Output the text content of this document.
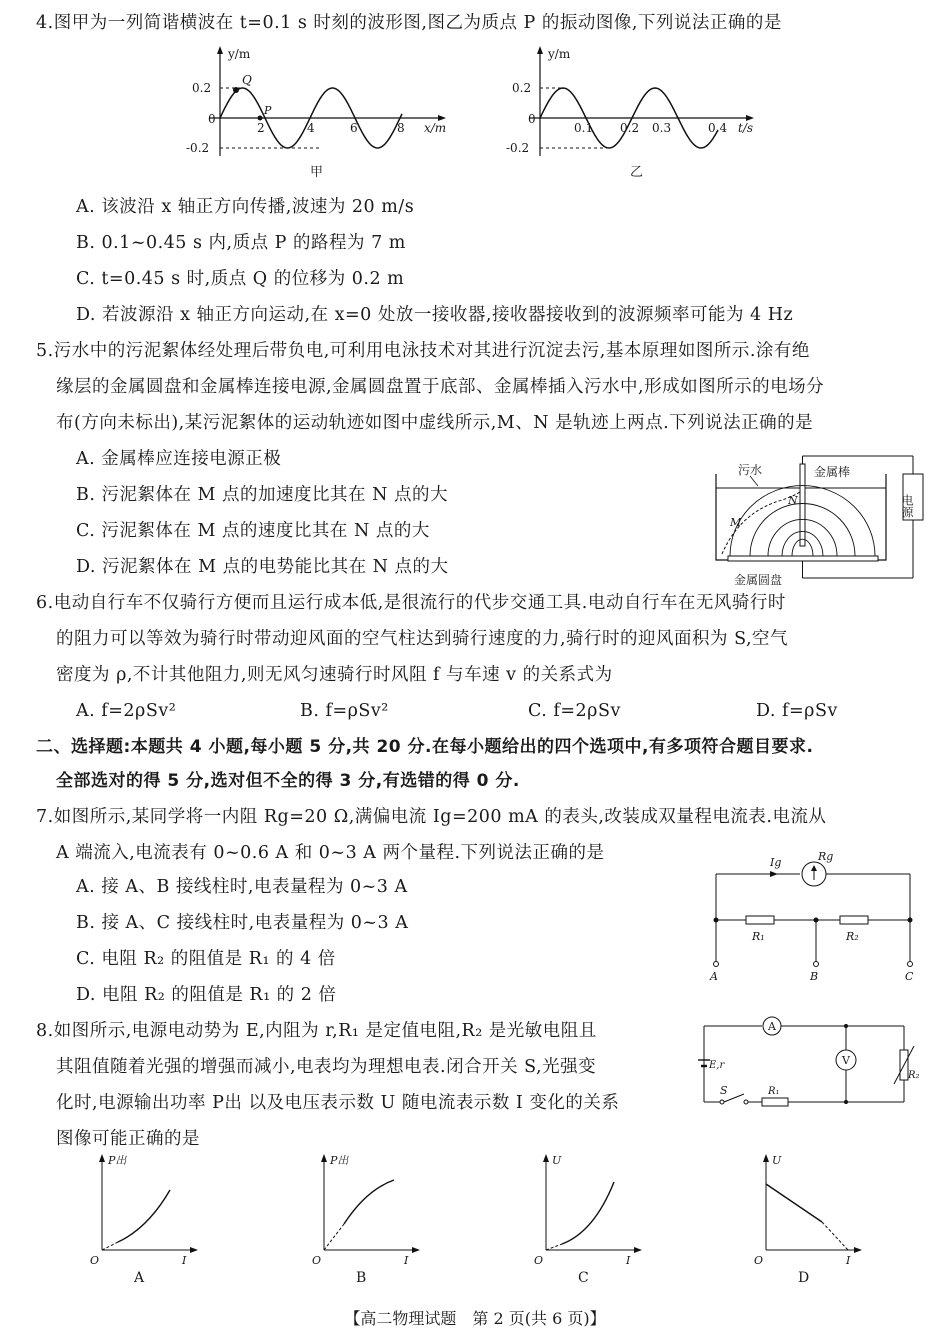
4.图甲为一列简谐横波在 t=0.1 s 时刻的波形图,图乙为质点 P 的振动图像,下列说法正确的是
y/m
0.2
0
-0.2
Q
P
2	4	6	8 x/m
甲
y/m
0.2
0
-0.2
0.1 0.2 0.3	0.4 t/s
乙
A. 该波沿 x 轴正方向传播,波速为 20 m/s
B. 0.1~0.45 s 内,质点 P 的路程为 7 m
C. t=0.45 s 时,质点 Q 的位移为 0.2 m
D. 若波源沿 x 轴正方向运动,在 x=0 处放一接收器,接收器接收到的波源频率可能为 4 Hz
5.污水中的污泥絮体经处理后带负电,可利用电泳技术对其进行沉淀去污,基本原理如图所示.涂有绝
缘层的金属圆盘和金属棒连接电源,金属圆盘置于底部、金属棒插入污水中,形成如图所示的电场分
布(方向未标出),某污泥絮体的运动轨迹如图中虚线所示,M、N 是轨迹上两点.下列说法正确的是
A. 金属棒应连接电源正极
B. 污泥絮体在 M 点的加速度比其在 N 点的大
C. 污泥絮体在 M 点的速度比其在 N 点的大
D. 污泥絮体在 M 点的电势能比其在 N 点的大
污水	金属棒
电源
M
N
金属圆盘
6.电动自行车不仅骑行方便而且运行成本低,是很流行的代步交通工具.电动自行车在无风骑行时
的阻力可以等效为骑行时带动迎风面的空气柱达到骑行速度的力,骑行时的迎风面积为 S,空气
密度为 ρ,不计其他阻力,则无风匀速骑行时风阻 f 与车速 v 的关系式为
A. f=2ρSv²	B. f=ρSv²	C. f=2ρSv	D. f=ρSv
二、选择题:本题共 4 小题,每小题 5 分,共 20 分.在每小题给出的四个选项中,有多项符合题目要求.
全部选对的得 5 分,选对但不全的得 3 分,有选错的得 0 分.
7.如图所示,某同学将一内阻 Rg=20 Ω,满偏电流 Ig=200 mA 的表头,改装成双量程电流表.电流从
A 端流入,电流表有 0~0.6 A 和 0~3 A 两个量程.下列说法正确的是
A. 接 A、B 接线柱时,电表量程为 0~3 A
B. 接 A、C 接线柱时,电表量程为 0~3 A
C. 电阻 R₂ 的阻值是 R₁ 的 4 倍
D. 电阻 R₂ 的阻值是 R₁ 的 2 倍
Ig	Rg
R₁	R₂
A	B	C
8.如图所示,电源电动势为 E,内阻为 r,R₁ 是定值电阻,R₂ 是光敏电阻且
其阻值随着光强的增强而减小,电表均为理想电表.闭合开关 S,光强变
化时,电源输出功率 P出 以及电压表示数 U 随电流表示数 I 变化的关系
图像可能正确的是
A
V
E,r
S	R₁
R₂
P出
I
O
A
P出
I
O
B
U
I
O
C
U
I
O
D
【高二物理试题　第 2 页(共 6 页)】
